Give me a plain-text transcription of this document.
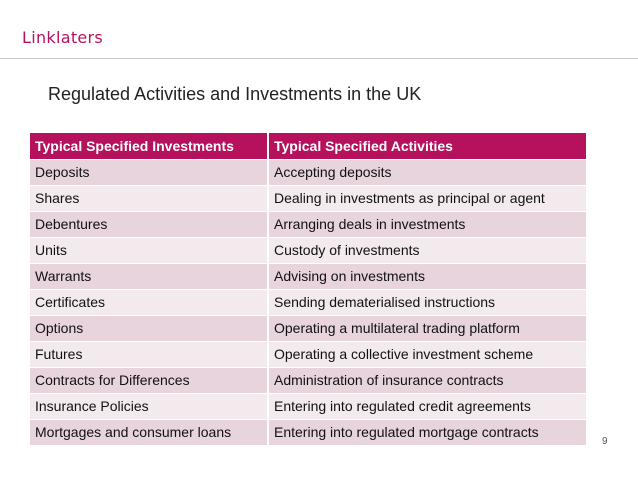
Linklaters
Regulated Activities and Investments in the UK
Typical Specified Investments	Typical Specified Activities
Deposits	Accepting deposits
Shares	Dealing in investments as principal or agent
Debentures	Arranging deals in investments
Units	Custody of investments
Warrants	Advising on investments
Certificates	Sending dematerialised instructions
Options	Operating a multilateral trading platform
Futures	Operating a collective investment scheme
Contracts for Differences	Administration of insurance contracts
Insurance Policies	Entering into regulated credit agreements
Mortgages and consumer loans	Entering into regulated mortgage contracts
9
